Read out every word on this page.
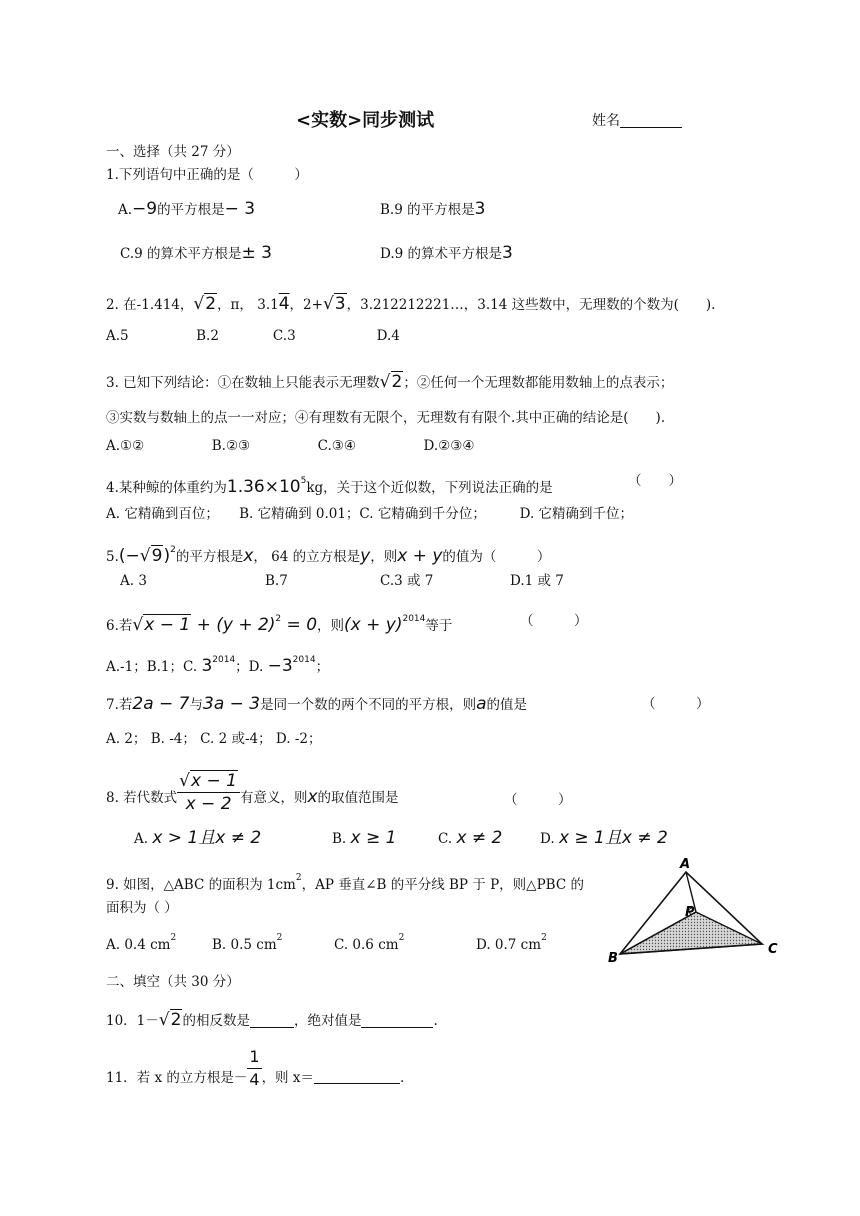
<实数>同步测试	姓名
一、选择（共 27 分）
1.下列语句中正确的是（　　　）
A.−9的平方根是− 3	B.9 的平方根是3
C.9 的算术平方根是± 3	D.9 的算术平方根是3
2. 在-1.414，√2，π， 3.14，2+√3，3.212212221…，3.14 这些数中，无理数的个数为(　　).
A.5　　　　　B.2　　　　C.3　　　　　　D.4
3. 已知下列结论：①在数轴上只能表示无理数√2；②任何一个无理数都能用数轴上的点表示；
③实数与数轴上的点一一对应；④有理数有无限个，无理数有有限个.其中正确的结论是(　　).
A.①②　　　　　B.②③　　　　　C.③④　　　　　D.②③④
4.某种鲸的体重约为$1.36\times 10^5kg$，关于这个近似数，下列说法正确的是	（　　）
A. 它精确到百位；　　B. 它精确到 0.01；C. 它精确到千分位；　　　D. 它精确到千位；
$5.(-√9)^2$的平方根是x， 64 的立方根是y，则x + y的值为（　　　）
A. 3	B.7	C.3 或 7	D.1 或 7
6.若$√x - 1 + (y + 2)^2 = 0$，则$(x + y)^{2014}$等于	（　　　）
A.-1；B.1；C. $3^{2014}$；D. $-3^{2014}$；
7.若2a − 7与3a − 3是同一个数的两个不同的平方根，则a的值是	（　　　）
A. 2； B. -4； C. 2 或-4； D. -2；
8. 若代数式 $\frac{√x - 1}{x - 2}$ 有意义，则x的取值范围是	（　　　）
A. x > 1且x ≠ 2	B. x ≥ 1	C. x ≠ 2	D. x ≥ 1且x ≠ 2
9. 如图，△ABC 的面积为 $1cm^2$，AP 垂直∠B 的平分线 BP 于 P，则△PBC 的
面积为（ ）
A. 0.4 $cm^2$	B. 0.5 $cm^2$	C. 0.6 $cm^2$	D. 0.7 $cm^2$
A
P
B
C
二、填空（共 30 分）
10．1－√2的相反数是	，绝对值是	.
11．若 x 的立方根是－ $\frac{1}{4}$ ，则 x＝	.
